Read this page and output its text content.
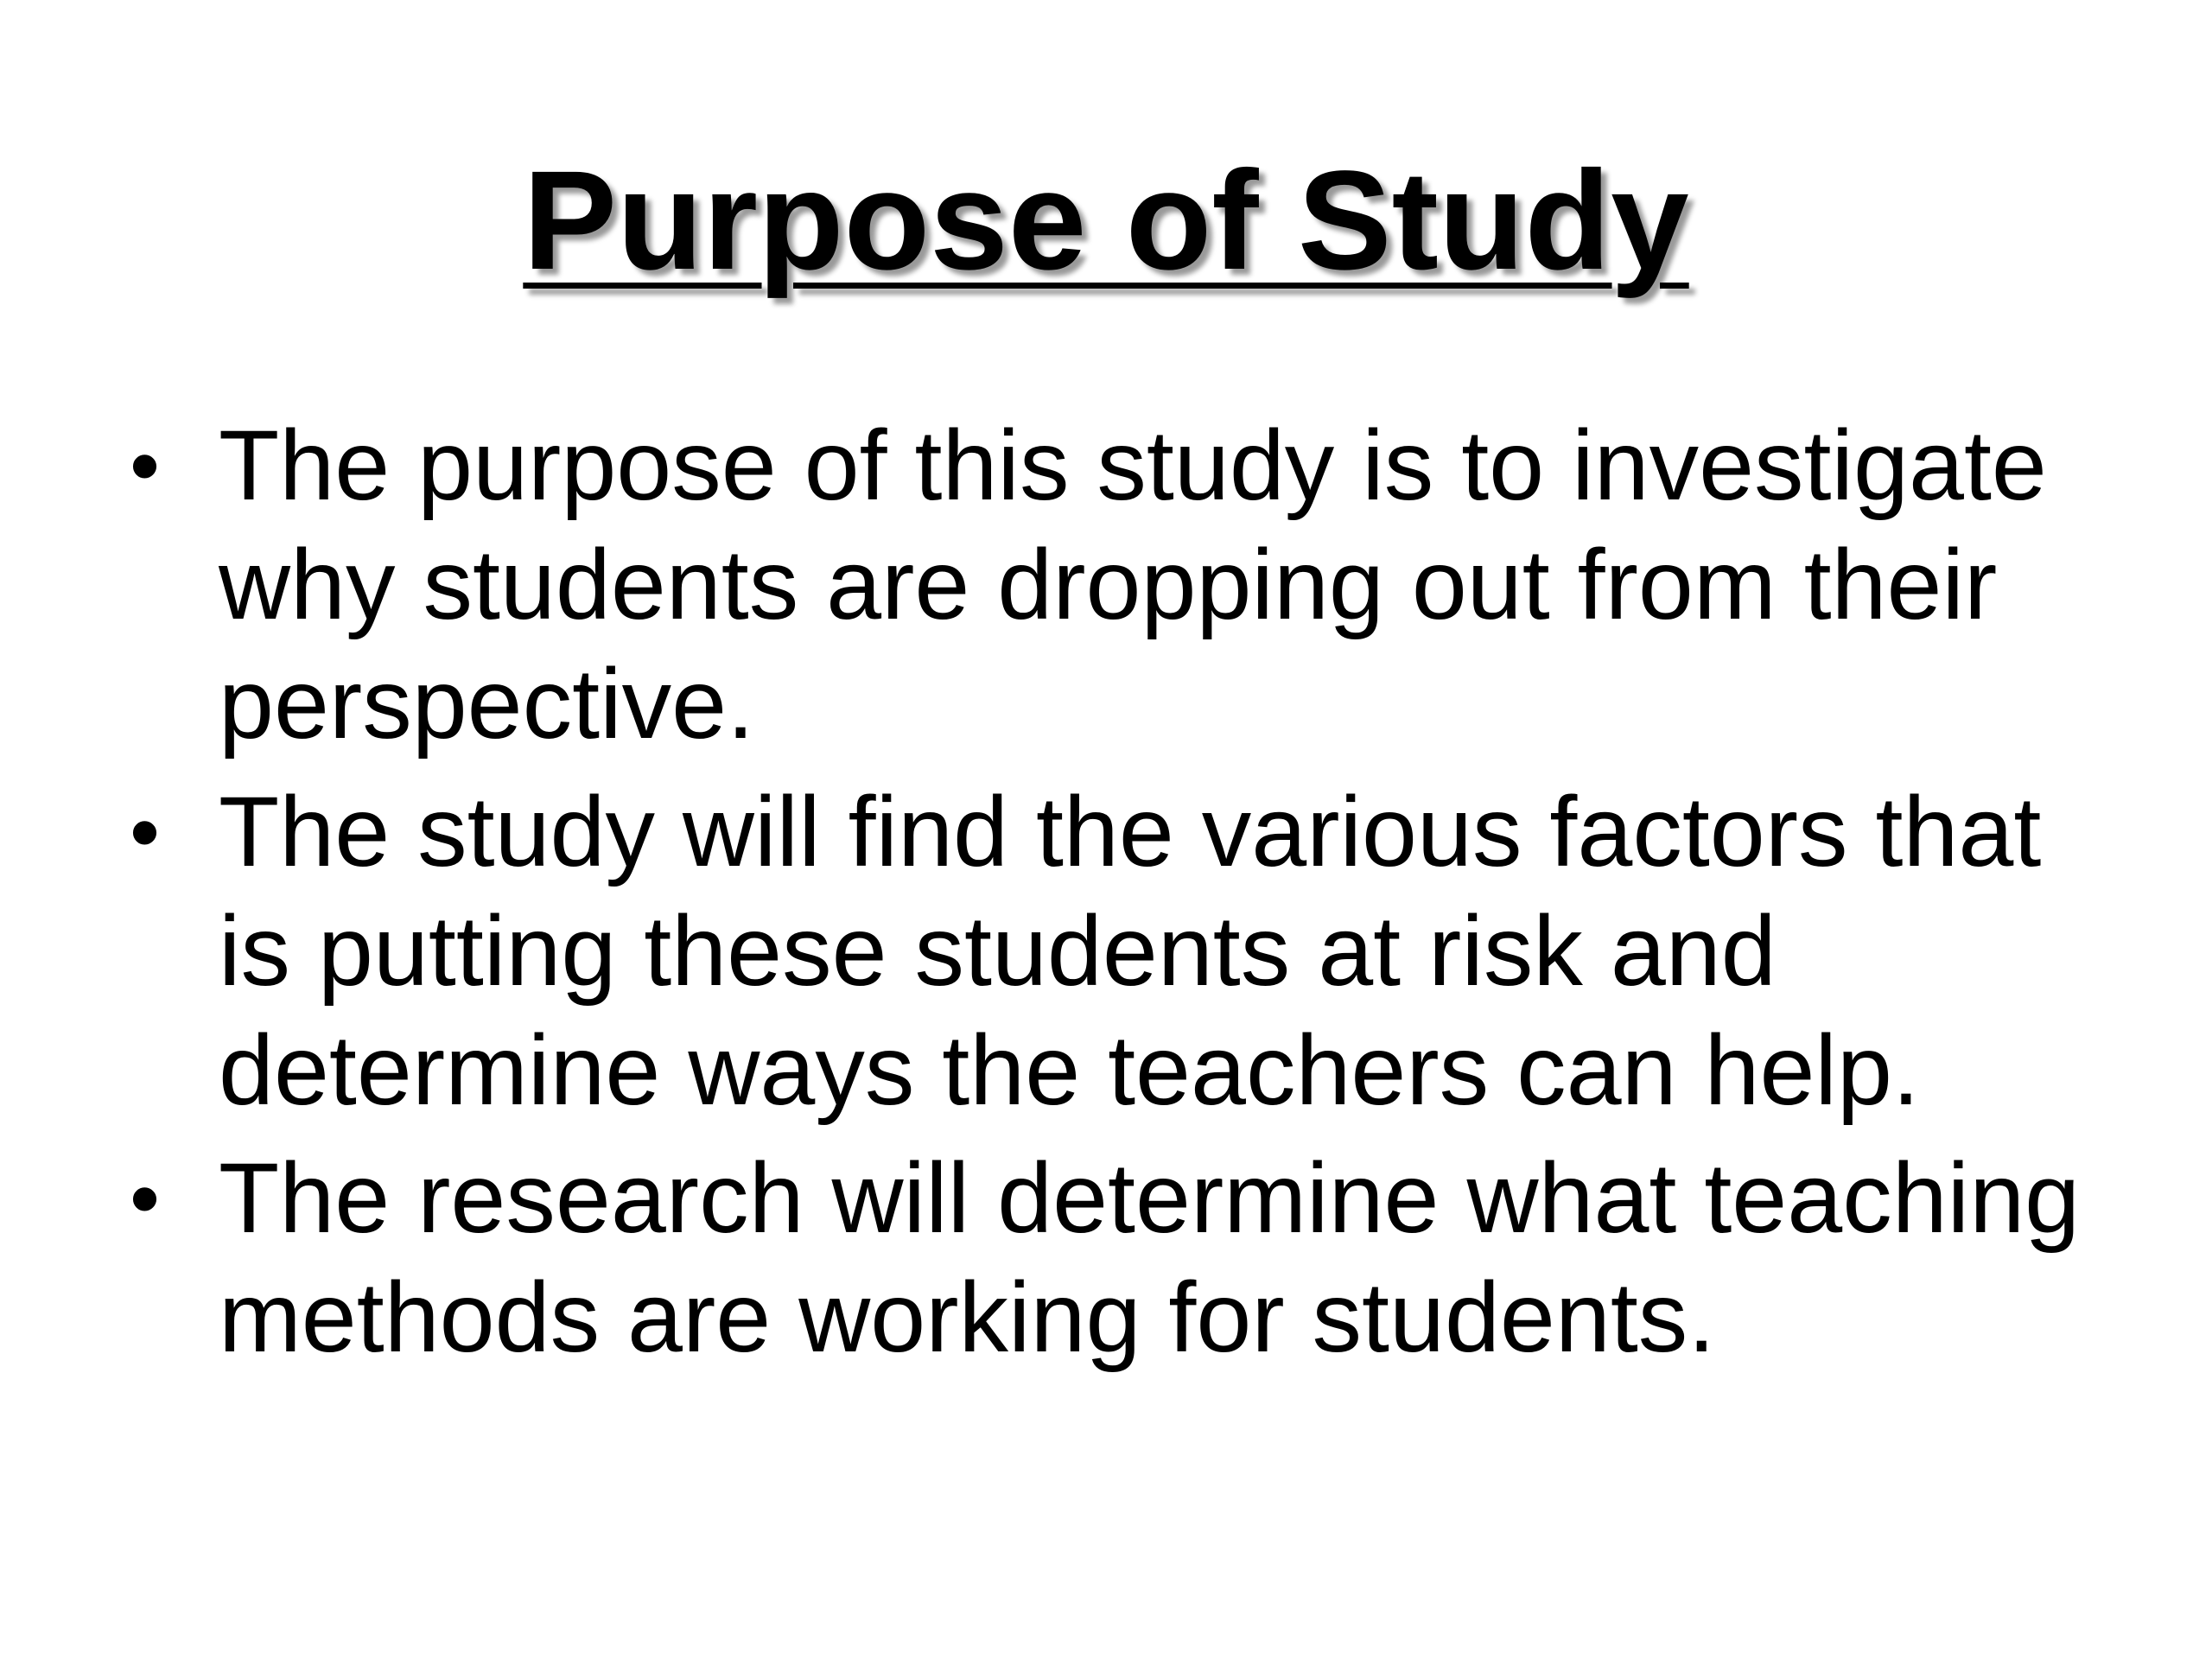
Purpose of Study
• The purpose of this study is to investigate
why students are dropping out from their
perspective.
• The study will find the various factors that
is putting these students at risk and
determine ways the teachers can help.
• The research will determine what teaching
methods are working for students.
